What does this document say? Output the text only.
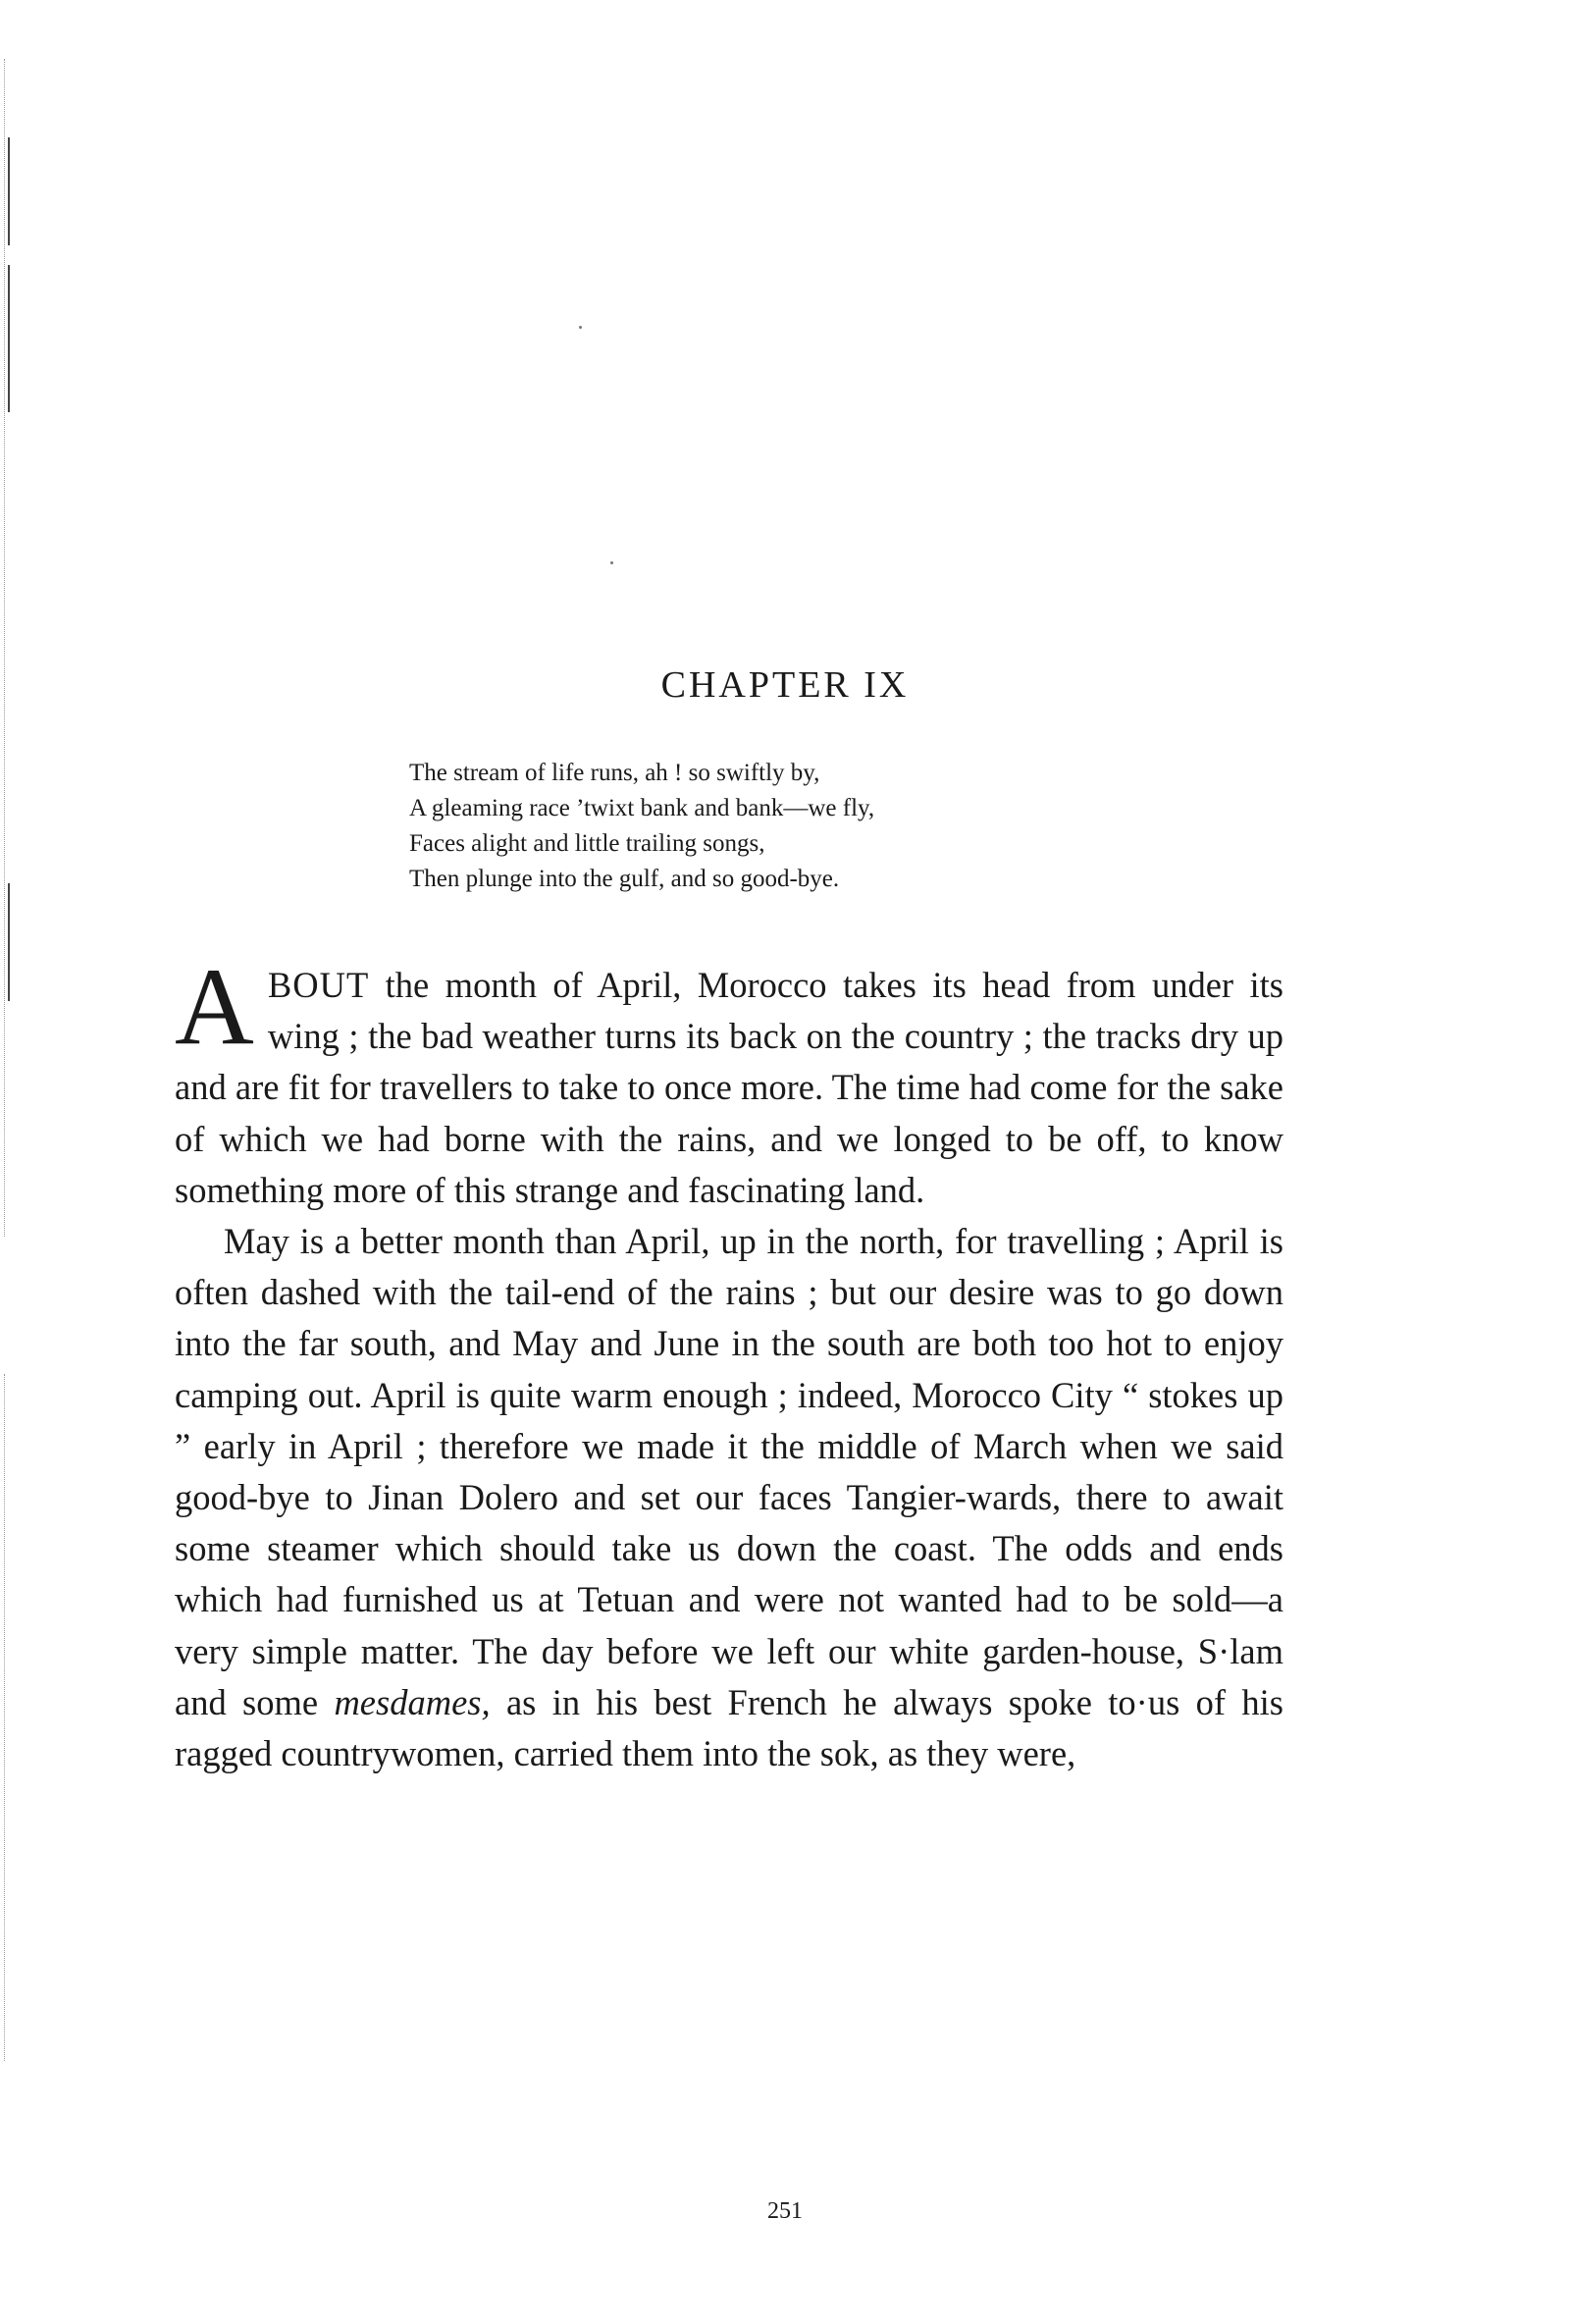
CHAPTER IX
The stream of life runs, ah ! so swiftly by,
A gleaming race ’twixt bank and bank—we fly,
Faces alight and little trailing songs,
Then plunge into the gulf, and so good-bye.

ABOUT the month of April, Morocco takes its head from under its wing ; the bad weather turns its back on the country ; the tracks dry up and are fit for travellers to take to once more. The time had come for the sake of which we had borne with the rains, and we longed to be off, to know something more of this strange and fascinating land.

May is a better month than April, up in the north, for travelling ; April is often dashed with the tail-end of the rains ; but our desire was to go down into the far south, and May and June in the south are both too hot to enjoy camping out. April is quite warm enough ; indeed, Morocco City “ stokes up ” early in April ; therefore we made it the middle of March when we said good-bye to Jinan Dolero and set our faces Tangier-wards, there to await some steamer which should take us down the coast. The odds and ends which had furnished us at Tetuan and were not wanted had to be sold—a very simple matter. The day before we left our white garden-house, S·lam and some mesdames, as in his best French he always spoke to·us of his ragged countrywomen, carried them into the sok, as they were,

251
